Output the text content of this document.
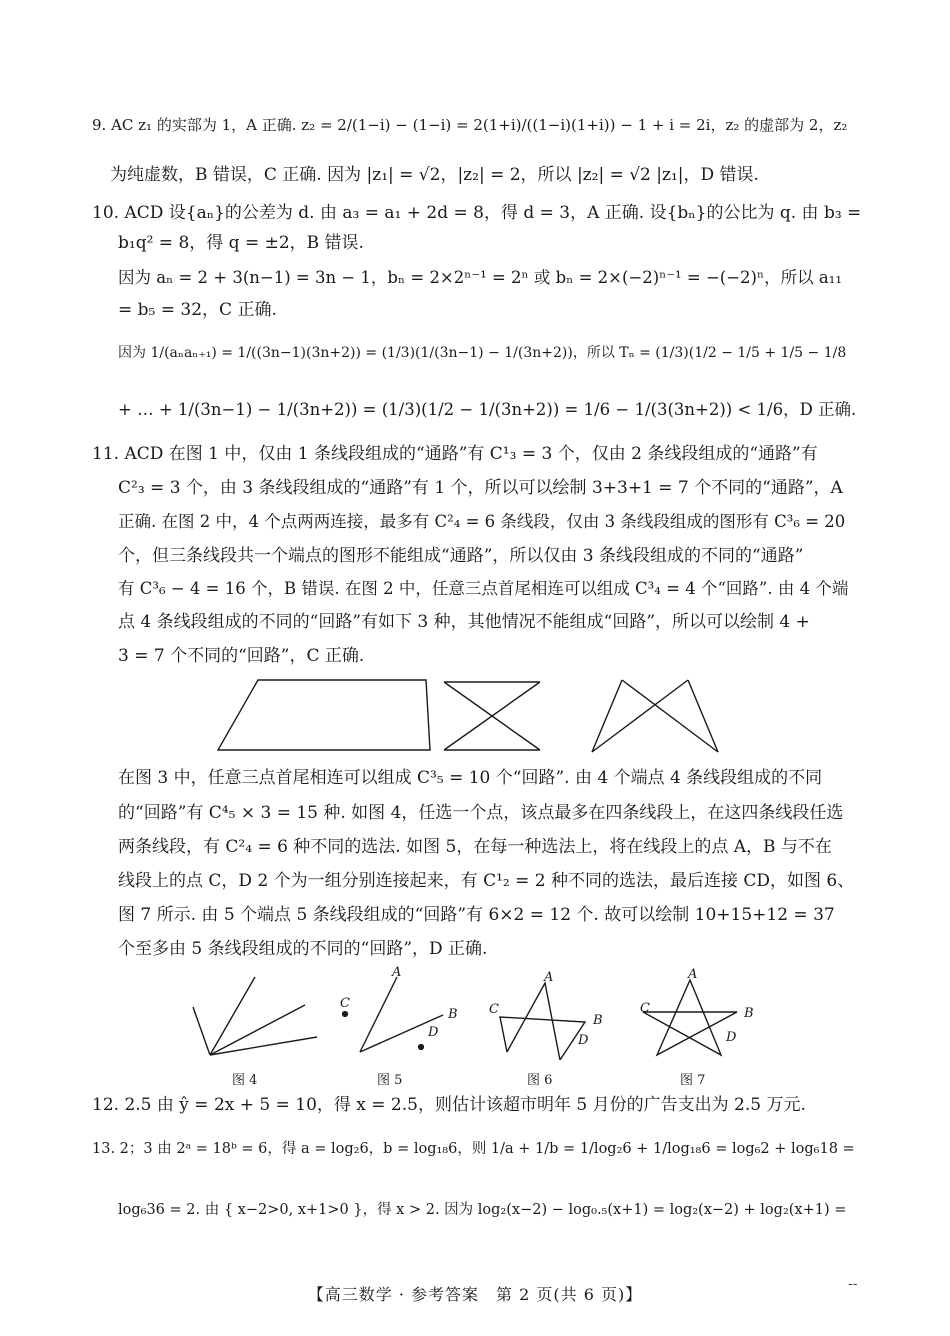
9. AC z₁ 的实部为 1，A 正确. z₂ = 2/(1−i) − (1−i) = 2(1+i)/((1−i)(1+i)) − 1 + i = 2i，z₂ 的虚部为 2，z₂
为纯虚数，B 错误，C 正确. 因为 |z₁| = √2，|z₂| = 2，所以 |z₂| = √2 |z₁|，D 错误.
10. ACD 设{aₙ}的公差为 d. 由 a₃ = a₁ + 2d = 8，得 d = 3，A 正确. 设{bₙ}的公比为 q. 由 b₃ =
b₁q² = 8，得 q = ±2，B 错误.
因为 aₙ = 2 + 3(n−1) = 3n − 1，bₙ = 2×2ⁿ⁻¹ = 2ⁿ 或 bₙ = 2×(−2)ⁿ⁻¹ = −(−2)ⁿ，所以 a₁₁
= b₅ = 32，C 正确.
因为 1/(aₙaₙ₊₁) = 1/((3n−1)(3n+2)) = (1/3)(1/(3n−1) − 1/(3n+2))，所以 Tₙ = (1/3)(1/2 − 1/5 + 1/5 − 1/8
+ … + 1/(3n−1) − 1/(3n+2)) = (1/3)(1/2 − 1/(3n+2)) = 1/6 − 1/(3(3n+2)) < 1/6，D 正确.
11. ACD 在图 1 中，仅由 1 条线段组成的“通路”有 C¹₃ = 3 个，仅由 2 条线段组成的“通路”有
C²₃ = 3 个，由 3 条线段组成的“通路”有 1 个，所以可以绘制 3+3+1 = 7 个不同的“通路”，A
正确. 在图 2 中，4 个点两两连接，最多有 C²₄ = 6 条线段，仅由 3 条线段组成的图形有 C³₆ = 20
个，但三条线段共一个端点的图形不能组成“通路”，所以仅由 3 条线段组成的不同的“通路”
有 C³₆ − 4 = 16 个，B 错误. 在图 2 中，任意三点首尾相连可以组成 C³₄ = 4 个“回路”. 由 4 个端
点 4 条线段组成的不同的“回路”有如下 3 种，其他情况不能组成“回路”，所以可以绘制 4 +
3 = 7 个不同的“回路”，C 正确.
在图 3 中，任意三点首尾相连可以组成 C³₅ = 10 个“回路”. 由 4 个端点 4 条线段组成的不同
的“回路”有 C⁴₅ × 3 = 15 种. 如图 4，任选一个点，该点最多在四条线段上，在这四条线段任选
两条线段，有 C²₄ = 6 种不同的选法. 如图 5，在每一种选法上，将在线段上的点 A，B 与不在
线段上的点 C，D 2 个为一组分别连接起来，有 C¹₂ = 2 种不同的选法，最后连接 CD，如图 6、
图 7 所示. 由 5 个端点 5 条线段组成的“回路”有 6×2 = 12 个. 故可以绘制 10+15+12 = 37
个至多由 5 条线段组成的不同的“回路”，D 正确.
A
C
B
D
A
C
B
D
A
C	B
D
图 4	图 5	图 6	图 7
12. 2.5 由 ŷ = 2x + 5 = 10，得 x = 2.5，则估计该超市明年 5 月份的广告支出为 2.5 万元.
13. 2；3 由 2ᵃ = 18ᵇ = 6，得 a = log₂6，b = log₁₈6，则 1/a + 1/b = 1/log₂6 + 1/log₁₈6 = log₆2 + log₆18 =
log₆36 = 2. 由 { x−2>0, x+1>0 }，得 x > 2. 因为 log₂(x−2) − log₀.₅(x+1) = log₂(x−2) + log₂(x+1) =
【高三数学 · 参考答案　第 2 页(共 6 页)】
--
